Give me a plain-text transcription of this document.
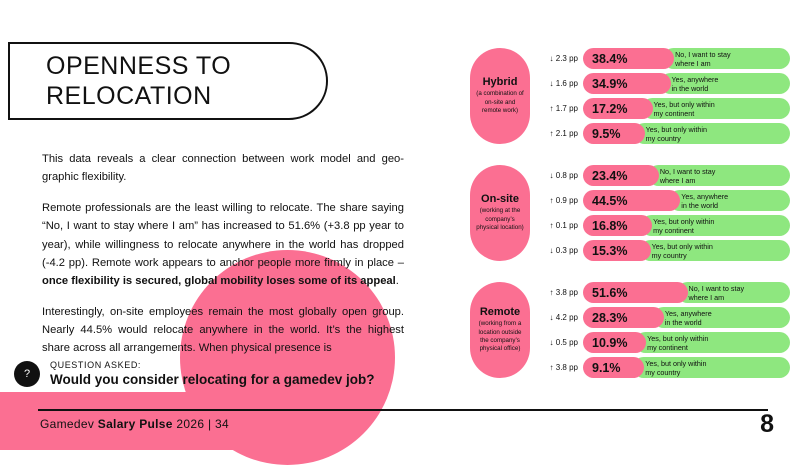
OPENNESS TO
RELOCATION

This data reveals a clear connection between work model and geo-graphic flexibility.

Remote professionals are the least willing to relocate. The share saying “No, I want to stay where I am” has increased to 51.6% (+3.8 pp year to year), while willingness to relocate anywhere in the world has dropped (-4.2 pp). Remote work appears to anchor people more firmly in place – once flexibility is secured, global mobility loses some of its appeal.

Interestingly, on-site employees remain the most globally open group. Nearly 44.5% would relocate anywhere in the world. It’s the highest share across all arrangements. When physical presence is

?
QUESTION ASKED:
Would you consider relocating for a gamedev job?
Gamedev Salary Pulse 2026 | 34	8
Hybrid
(a combination of on-site and remote work)
↓ 2.3 pp	38.4%	No, I want to stay
where I am
↓ 1.6 pp	34.9%	Yes, anywhere
in the world
↑ 1.7 pp	17.2%	Yes, but only within
my continent
↑ 2.1 pp	9.5%	Yes, but only within
my country
On-site
(working at the company’s physical location)
↓ 0.8 pp	23.4%	No, I want to stay
where I am
↑ 0.9 pp	44.5%	Yes, anywhere
in the world
↑ 0.1 pp	16.8%	Yes, but only within
my continent
↓ 0.3 pp	15.3%	Yes, but only within
my country
Remote
(working from a location outside the company’s physical office)
↑ 3.8 pp	51.6%	No, I want to stay
where I am
↓ 4.2 pp	28.3%	Yes, anywhere
in the world
↓ 0.5 pp	10.9%	Yes, but only within
my continent
↑ 3.8 pp	9.1%	Yes, but only within
my country
